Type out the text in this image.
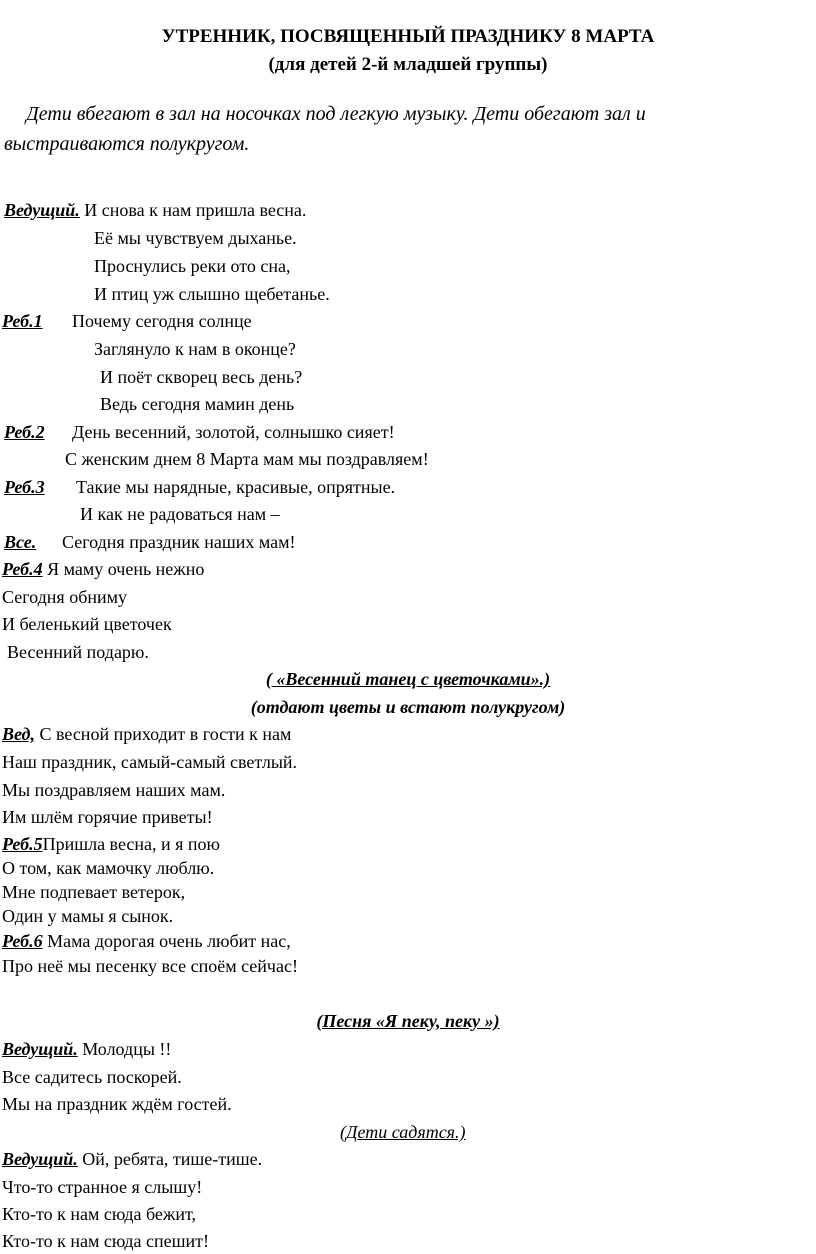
УТРЕННИК, ПОСВЯЩЕННЫЙ ПРАЗДНИКУ 8 МАРТА
(для детей 2-й младшей группы)
Дети вбегают в зал на носочках под легкую музыку. Дети обегают зал и
выстраиваются полукругом.
Ведущий. И снова к нам пришла весна.
Её мы чувствуем дыханье.
Проснулись реки ото сна,
И птиц уж слышно щебетанье.
Реб.1 Почему сегодня солнце
Заглянуло к нам в оконце?
И поёт скворец весь день?
Ведь сегодня мамин день
Реб.2 День весенний, золотой, солнышко сияет!
С женским днем 8 Марта мам мы поздравляем!
Реб.3 Такие мы нарядные, красивые, опрятные.
И как не радоваться нам –
Все. Сегодня праздник наших мам!
Реб.4 Я маму очень нежно
Сегодня обниму
И беленький цветочек
Весенний подарю.
( «Весенний танец с цветочками».)
(отдают цветы и встают полукругом)
Вед, С весной приходит в гости к нам
Наш праздник, самый-самый светлый.
Мы поздравляем наших мам.
Им шлём горячие приветы!
Реб.5Пришла весна, и я пою
О том, как мамочку люблю.
Мне подпевает ветерок,
Один у мамы я сынок.
Реб.6 Мама дорогая очень любит нас,
Про неё мы песенку все споём сейчас!
(Песня «Я пеку, пеку »)
Ведущий. Молодцы !!
Все садитесь поскорей.
Мы на праздник ждём гостей.
(Дети садятся.)
Ведущий. Ой, ребята, тише-тише.
Что-то странное я слышу!
Кто-то к нам сюда бежит,
Кто-то к нам сюда спешит!
